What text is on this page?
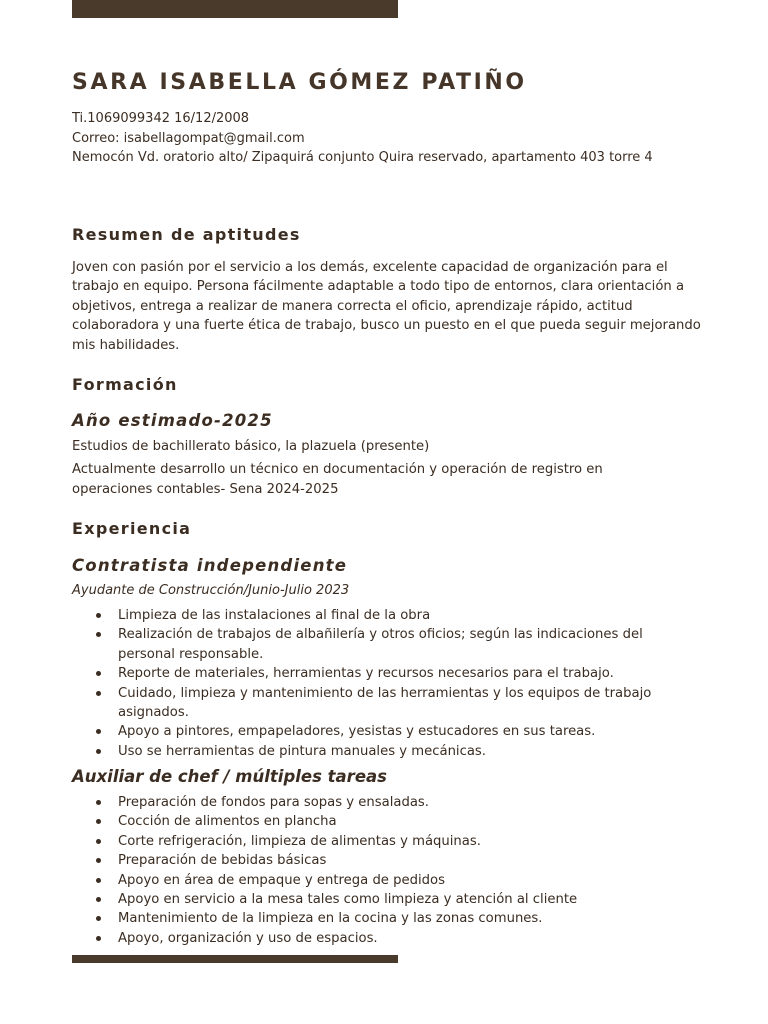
SARA ISABELLA GÓMEZ PATIÑO
Ti.1069099342 16/12/2008
Correo: isabellagompat@gmail.com
Nemocón Vd. oratorio alto/ Zipaquirá conjunto Quira reservado, apartamento 403 torre 4
Resumen de aptitudes
Joven con pasión por el servicio a los demás, excelente capacidad de organización para el trabajo en equipo. Persona fácilmente adaptable a todo tipo de entornos, clara orientación a objetivos, entrega a realizar de manera correcta el oficio, aprendizaje rápido, actitud colaboradora y una fuerte ética de trabajo, busco un puesto en el que pueda seguir mejorando mis habilidades.
Formación
Año estimado-2025
Estudios de bachillerato básico, la plazuela (presente)
Actualmente desarrollo un técnico en documentación y operación de registro en
operaciones contables- Sena 2024-2025
Experiencia
Contratista independiente
Ayudante de Construcción/Junio-Julio 2023
Limpieza de las instalaciones al final de la obra
Realización de trabajos de albañilería y otros oficios; según las indicaciones del personal responsable.
Reporte de materiales, herramientas y recursos necesarios para el trabajo.
Cuidado, limpieza y mantenimiento de las herramientas y los equipos de trabajo asignados.
Apoyo a pintores, empapeladores, yesistas y estucadores en sus tareas.
Uso se herramientas de pintura manuales y mecánicas.
Auxiliar de chef / múltiples tareas
Preparación de fondos para sopas y ensaladas.
Cocción de alimentos en plancha
Corte refrigeración, limpieza de alimentas y máquinas.
Preparación de bebidas básicas
Apoyo en área de empaque y entrega de pedidos
Apoyo en servicio a la mesa tales como limpieza y atención al cliente
Mantenimiento de la limpieza en la cocina y las zonas comunes.
Apoyo, organización y uso de espacios.
